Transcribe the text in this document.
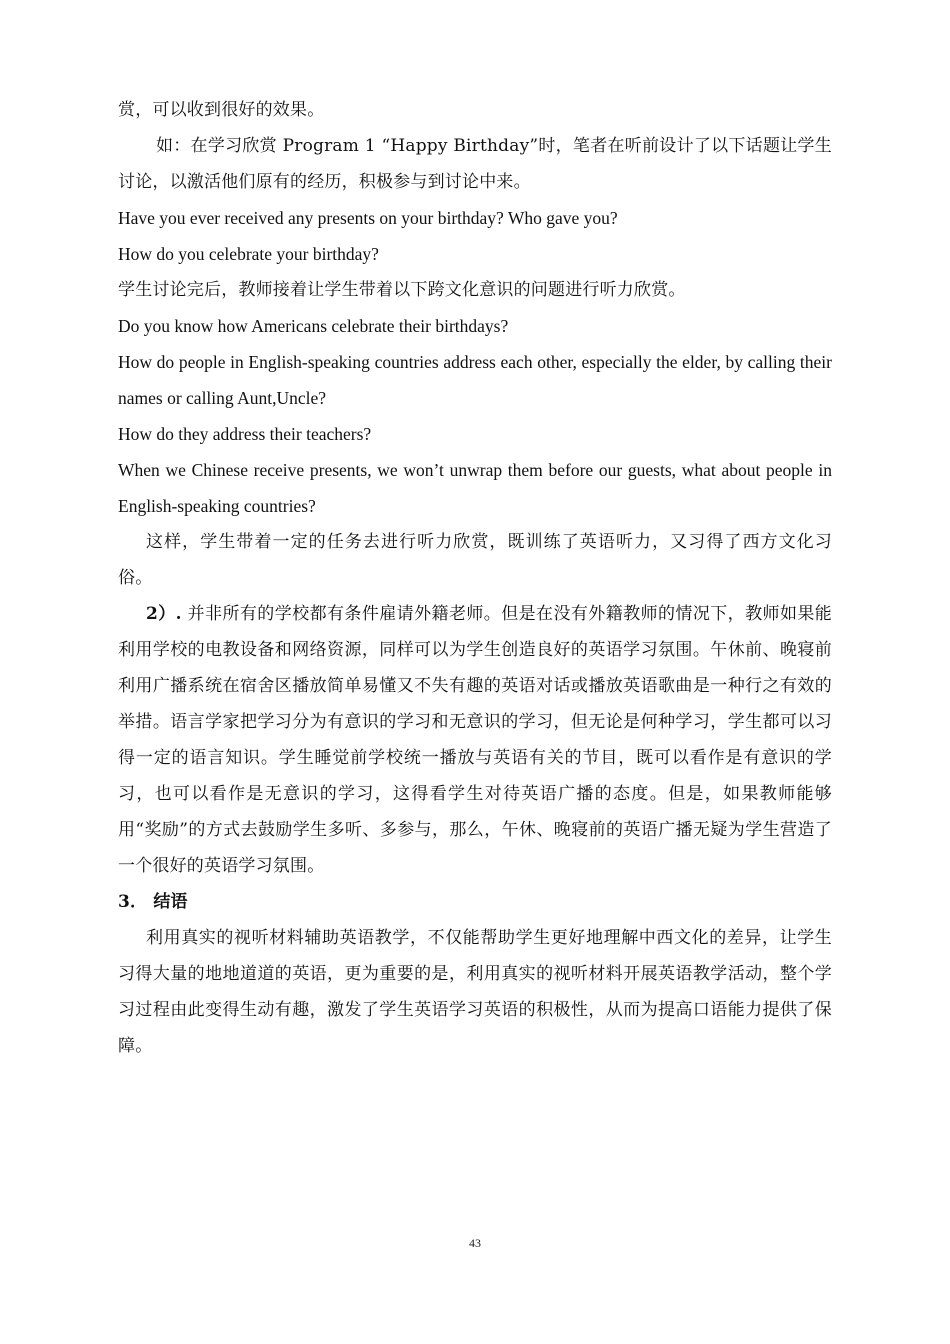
赏，可以收到很好的效果。

如：在学习欣赏 Program 1 “Happy Birthday”时，笔者在听前设计了以下话题让学生讨论，以激活他们原有的经历，积极参与到讨论中来。

Have you ever received any presents on your birthday? Who gave you?

How do you celebrate your birthday?

学生讨论完后，教师接着让学生带着以下跨文化意识的问题进行听力欣赏。

Do you know how Americans celebrate their birthdays?

How do people in English-speaking countries address each other, especially the elder, by calling their names or calling Aunt,Uncle?

How do they address their teachers?

When we Chinese receive presents, we won’t unwrap them before our guests, what about people in English-speaking countries?

这样，学生带着一定的任务去进行听力欣赏，既训练了英语听力，又习得了西方文化习俗。

2）. 并非所有的学校都有条件雇请外籍老师。但是在没有外籍教师的情况下，教师如果能利用学校的电教设备和网络资源，同样可以为学生创造良好的英语学习氛围。午休前、晚寝前利用广播系统在宿舍区播放简单易懂又不失有趣的英语对话或播放英语歌曲是一种行之有效的举措。语言学家把学习分为有意识的学习和无意识的学习，但无论是何种学习，学生都可以习得一定的语言知识。学生睡觉前学校统一播放与英语有关的节目，既可以看作是有意识的学习，也可以看作是无意识的学习，这得看学生对待英语广播的态度。但是，如果教师能够用“奖励”的方式去鼓励学生多听、多参与，那么，午休、晚寝前的英语广播无疑为学生营造了一个很好的英语学习氛围。

3． 结语

利用真实的视听材料辅助英语教学，不仅能帮助学生更好地理解中西文化的差异，让学生习得大量的地地道道的英语，更为重要的是，利用真实的视听材料开展英语教学活动，整个学习过程由此变得生动有趣，激发了学生英语学习英语的积极性，从而为提高口语能力提供了保障。

43
